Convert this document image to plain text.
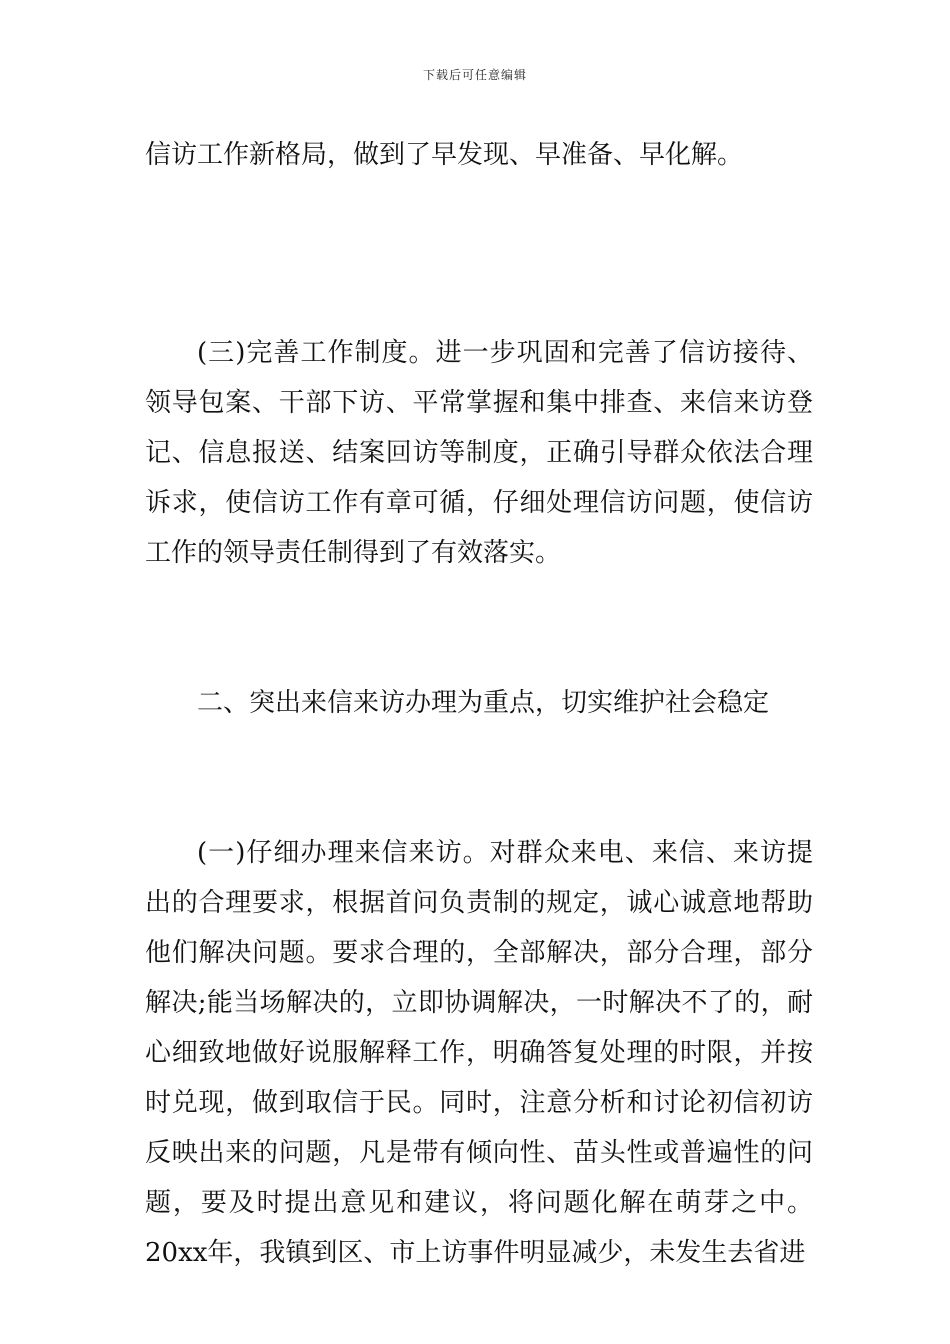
下载后可任意编辑

信访工作新格局，做到了早发现、早准备、早化解。

(三)完善工作制度。进一步巩固和完善了信访接待、领导包案、干部下访、平常掌握和集中排查、来信来访登记、信息报送、结案回访等制度，正确引导群众依法合理诉求，使信访工作有章可循，仔细处理信访问题，使信访工作的领导责任制得到了有效落实。

二、突出来信来访办理为重点，切实维护社会稳定

(一)仔细办理来信来访。对群众来电、来信、来访提出的合理要求，根据首问负责制的规定，诚心诚意地帮助他们解决问题。要求合理的，全部解决，部分合理，部分解决;能当场解决的，立即协调解决，一时解决不了的，耐心细致地做好说服解释工作，明确答复处理的时限，并按时兑现，做到取信于民。同时，注意分析和讨论初信初访反映出来的问题，凡是带有倾向性、苗头性或普遍性的问题，要及时提出意见和建议，将问题化解在萌芽之中。20xx年，我镇到区、市上访事件明显减少，未发生去省进
